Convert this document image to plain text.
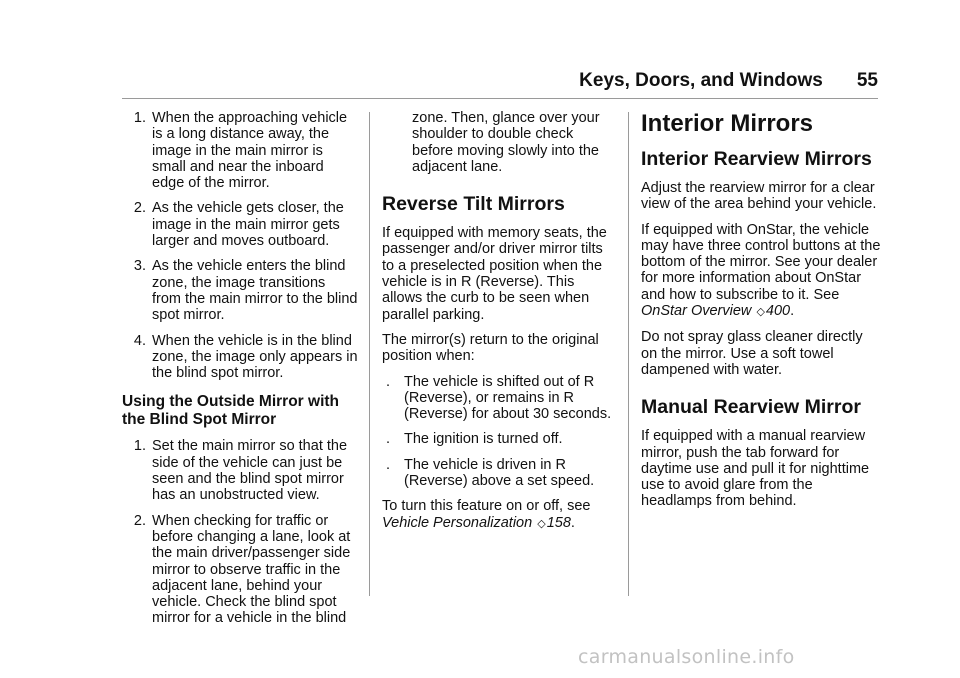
Keys, Doors, and Windows 55
1. When the approaching vehicle is a long distance away, the image in the main mirror is small and near the inboard edge of the mirror.
2. As the vehicle gets closer, the image in the main mirror gets larger and moves outboard.
3. As the vehicle enters the blind zone, the image transitions from the main mirror to the blind spot mirror.
4. When the vehicle is in the blind zone, the image only appears in the blind spot mirror.
Using the Outside Mirror with the Blind Spot Mirror
1. Set the main mirror so that the side of the vehicle can just be seen and the blind spot mirror has an unobstructed view.
2. When checking for traffic or before changing a lane, look at the main driver/passenger side mirror to observe traffic in the adjacent lane, behind your vehicle. Check the blind spot mirror for a vehicle in the blind

zone. Then, glance over your shoulder to double check before moving slowly into the adjacent lane.

Reverse Tilt Mirrors

If equipped with memory seats, the passenger and/or driver mirror tilts to a preselected position when the vehicle is in R (Reverse). This allows the curb to be seen when parallel parking.

The mirror(s) return to the original position when:

. The vehicle is shifted out of R (Reverse), or remains in R (Reverse) for about 30 seconds.
. The ignition is turned off.
. The vehicle is driven in R (Reverse) above a set speed.

To turn this feature on or off, see Vehicle Personalization ◇158.

Interior Mirrors
Interior Rearview Mirrors

Adjust the rearview mirror for a clear view of the area behind your vehicle.

If equipped with OnStar, the vehicle may have three control buttons at the bottom of the mirror. See your dealer for more information about OnStar and how to subscribe to it. See OnStar Overview ◇400.

Do not spray glass cleaner directly on the mirror. Use a soft towel dampened with water.

Manual Rearview Mirror

If equipped with a manual rearview mirror, push the tab forward for daytime use and pull it for nighttime use to avoid glare from the headlamps from behind.

carmanualsonline.info
